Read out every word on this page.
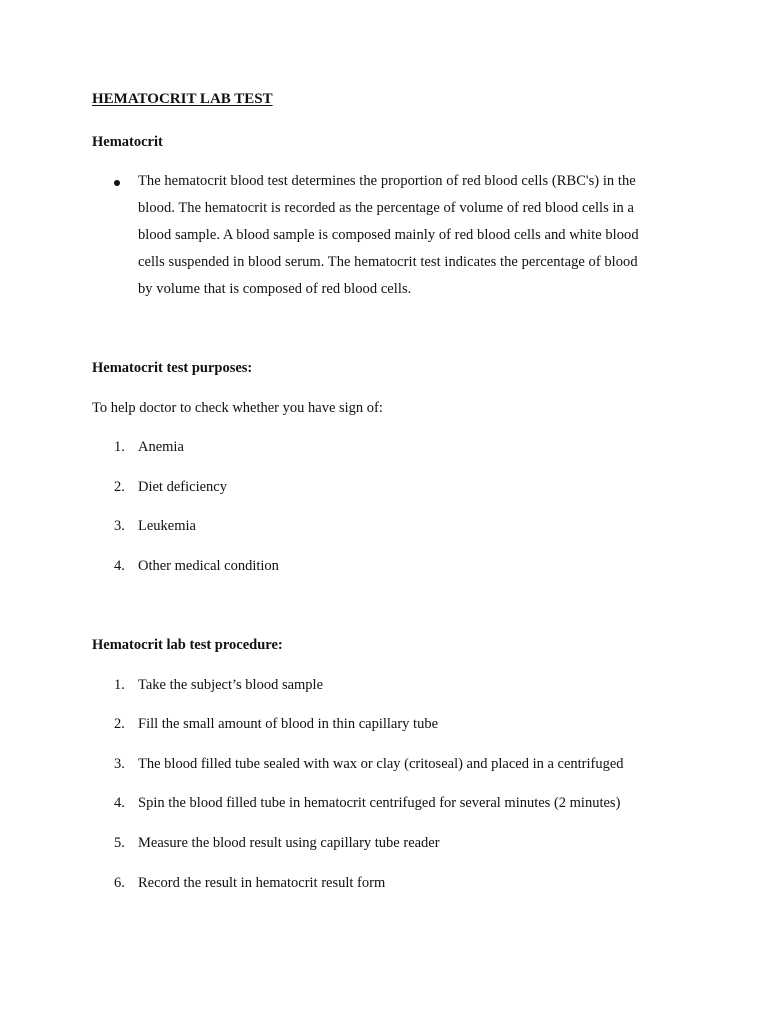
HEMATOCRIT LAB TEST
Hematocrit
The hematocrit blood test determines the proportion of red blood cells (RBC's) in the
blood. The hematocrit is recorded as the percentage of volume of red blood cells in a
blood sample. A blood sample is composed mainly of red blood cells and white blood
cells suspended in blood serum. The hematocrit test indicates the percentage of blood
by volume that is composed of red blood cells.
Hematocrit test purposes:
To help doctor to check whether you have sign of:
1. Anemia
2. Diet deficiency
3. Leukemia
4. Other medical condition
Hematocrit lab test procedure:
1. Take the subject’s blood sample
2. Fill the small amount of blood in thin capillary tube
3. The blood filled tube sealed with wax or clay (critoseal) and placed in a centrifuged
4. Spin the blood filled tube in hematocrit centrifuged for several minutes (2 minutes)
5. Measure the blood result using capillary tube reader
6. Record the result in hematocrit result form
